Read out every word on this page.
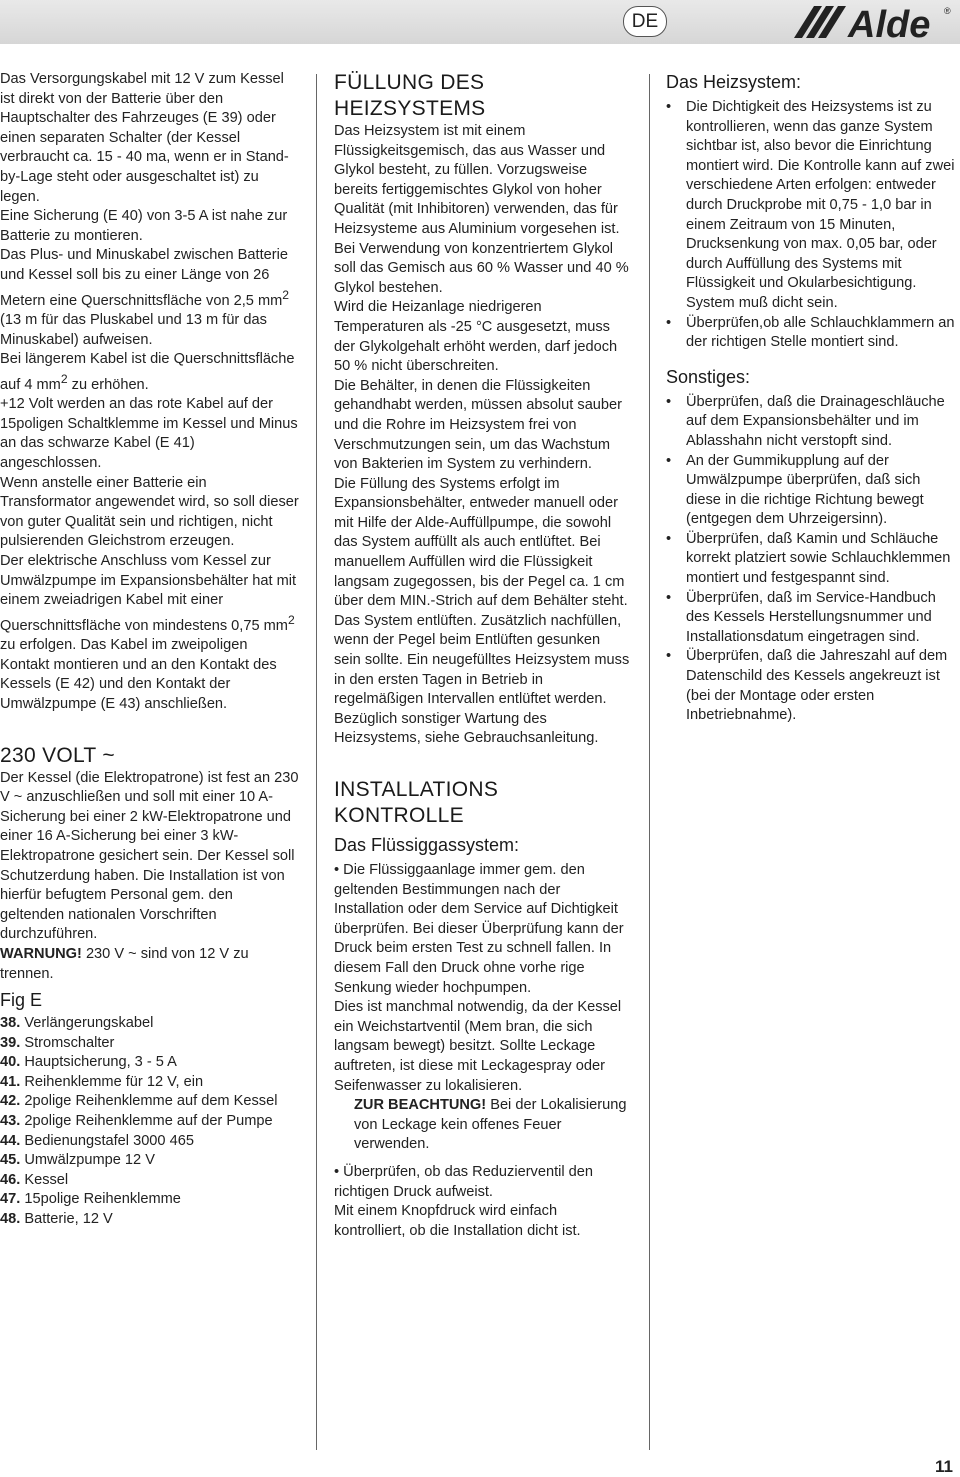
DE	Alde ®

Das Versorgungskabel mit 12 V zum Kessel ist direkt von der Batterie über den Hauptschalter des Fahrzeuges (E 39) oder einen separaten Schalter (der Kessel verbraucht ca. 15 - 40 ma, wenn er in Stand-by-Lage steht oder ausgeschaltet ist) zu legen.

Eine Sicherung (E 40) von 3-5 A ist nahe zur Batterie zu montieren.

Das Plus- und Minuskabel zwischen Batterie und Kessel soll bis zu einer Länge von 26 Metern eine Querschnittsfläche von 2,5 $mm^2$ (13 m für das Pluskabel und 13 m für das Minuskabel) aufweisen.

Bei längerem Kabel ist die Querschnittsfläche auf 4 $mm^2$ zu erhöhen.

+12 Volt werden an das rote Kabel auf der 15poligen Schaltklemme im Kessel und Minus an das schwarze Kabel (E 41) angeschlossen.

Wenn anstelle einer Batterie ein Transformator angewendet wird, so soll dieser von guter Qualität sein und richtigen, nicht pulsierenden Gleichstrom erzeugen.

Der elektrische Anschluss vom Kessel zur Umwälzpumpe im Expansionsbehälter hat mit einem zweiadrigen Kabel mit einer Querschnittsfläche von mindestens 0,75 $mm^2$ zu erfolgen. Das Kabel im zweipoligen Kontakt montieren und an den Kontakt des Kessels (E 42) und den Kontakt der Umwälzpumpe (E 43) anschließen.

230 VOLT ~

Der Kessel (die Elektropatrone) ist fest an 230 V ~ anzuschließen und soll mit einer 10 A-Sicherung bei einer 2 kW-Elektropatrone und einer 16 A-Sicherung bei einer 3 kW-Elektropatrone gesichert sein. Der Kessel soll Schutzerdung haben. Die Installation ist von hierfür befugtem Personal gem. den geltenden nationalen Vorschriften durchzuführen.

WARNUNG! 230 V ~ sind von 12 V zu trennen.

Fig E
38. Verlängerungskabel
39. Stromschalter
40. Hauptsicherung, 3 - 5 A
41. Reihenklemme für 12 V, ein
42. 2polige Reihenklemme auf dem Kessel
43. 2polige Reihenklemme auf der Pumpe
44. Bedienungstafel 3000 465
45. Umwälzpumpe 12 V
46. Kessel
47. 15polige Reihenklemme
48. Batterie, 12 V
FÜLLUNG DES HEIZSYSTEMS

Das Heizsystem ist mit einem Flüssigkeitsgemisch, das aus Wasser und Glykol besteht, zu füllen. Vorzugsweise bereits fertiggemischtes Glykol von hoher Qualität (mit Inhibitoren) verwenden, das für Heizsysteme aus Aluminium vorgesehen ist.

Bei Verwendung von konzentriertem Glykol soll das Gemisch aus 60 % Wasser und 40 % Glykol bestehen.

Wird die Heizanlage niedrigeren Temperaturen als -25 °C ausgesetzt, muss der Glykolgehalt erhöht werden, darf jedoch 50 % nicht überschreiten.

Die Behälter, in denen die Flüssigkeiten gehandhabt werden, müssen absolut sauber und die Rohre im Heizsystem frei von Verschmutzungen sein, um das Wachstum von Bakterien im System zu verhindern.

Die Füllung des Systems erfolgt im Expansionsbehälter, entweder manuell oder mit Hilfe der Alde-Auffüllpumpe, die sowohl das System auffüllt als auch entlüftet. Bei manuellem Auffüllen wird die Flüssigkeit langsam zugegossen, bis der Pegel ca. 1 cm über dem MIN.-Strich auf dem Behälter steht. Das System entlüften. Zusätzlich nachfüllen, wenn der Pegel beim Entlüften gesunken sein sollte. Ein neugefülltes Heizsystem muss in den ersten Tagen in Betrieb in regelmäßigen Intervallen entlüftet werden.

Bezüglich sonstiger Wartung des Heizsystems, siehe Gebrauchsanleitung.

INSTALLATIONS KONTROLLE
Das Flüssiggassystem:
• Die Flüssiggaanlage immer gem. den geltenden Bestimmungen nach der Installation oder dem Service auf Dichtigkeit überprüfen. Bei dieser Überprüfung kann der Druck beim ersten Test zu schnell fallen. In diesem Fall den Druck ohne vorhe rige Senkung wieder hochpumpen.
Dies ist manchmal notwendig, da der Kessel ein Weichstartventil (Mem bran, die sich langsam bewegt) besitzt. Sollte Leckage auftreten, ist diese mit Leckagespray oder Seifenwasser zu lokalisieren.
ZUR BEACHTUNG! Bei der Lokalisierung von Leckage kein offenes Feuer verwenden.
• Überprüfen, ob das Reduzierventil den richtigen Druck aufweist.
Mit einem Knopfdruck wird einfach kontrolliert, ob die Installation dicht ist.
Das Heizsystem:
• Die Dichtigkeit des Heizsystems ist zu kontrollieren, wenn das ganze System sichtbar ist, also bevor die Einrichtung montiert wird. Die Kontrolle kann auf zwei verschiedene Arten erfolgen: entweder durch Druckprobe mit 0,75 - 1,0 bar in einem Zeitraum von 15 Minuten, Drucksenkung von max. 0,05 bar, oder durch Auffüllung des Systems mit Flüssigkeit und Okularbesichtigung. System muß dicht sein.
• Überprüfen,ob alle Schlauchklammern an der richtigen Stelle montiert sind.
Sonstiges:
• Überprüfen, daß die Drainageschläuche auf dem Expansionsbehälter und im Ablasshahn nicht verstopft sind.
• An der Gummikupplung auf der Umwälzpumpe überprüfen, daß sich diese in die richtige Richtung bewegt (entgegen dem Uhrzeigersinn).
• Überprüfen, daß Kamin und Schläuche korrekt platziert sowie Schlauchklemmen montiert und festgespannt sind.
• Überprüfen, daß im Service-Handbuch des Kessels Herstellungsnummer und Installationsdatum eingetragen sind.
• Überprüfen, daß die Jahreszahl auf dem Datenschild des Kessels angekreuzt ist (bei der Montage oder ersten Inbetriebnahme).
11
